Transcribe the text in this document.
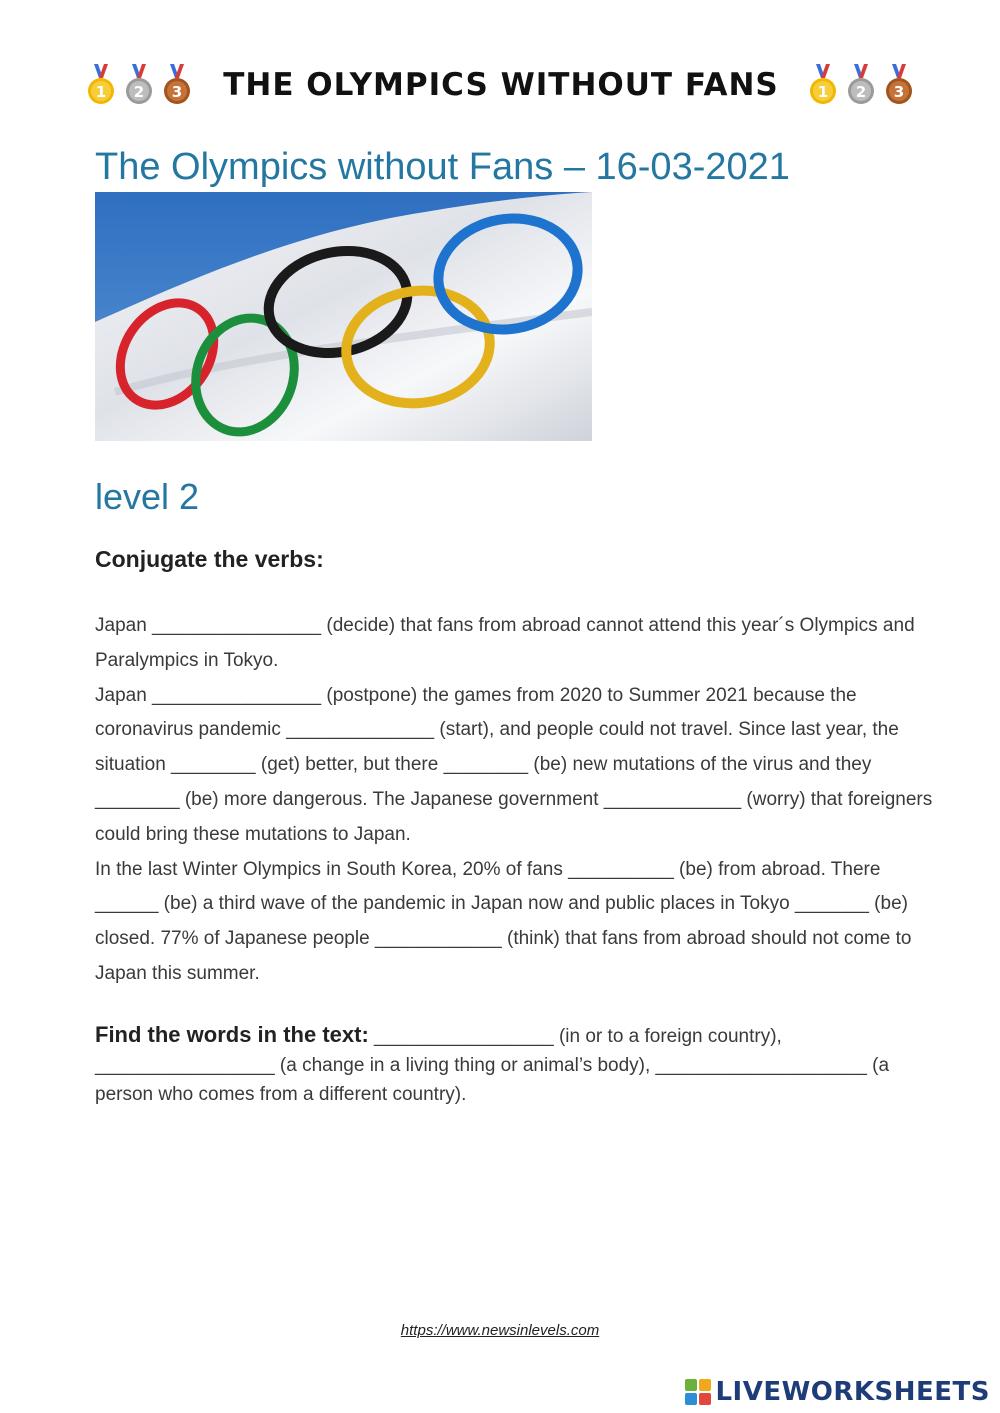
1 2 3 THE OLYMPICS WITHOUT FANS	1 2 3
The Olympics without Fans – 16-03-2021
level 2
Conjugate the verbs:

Japan ________________ (decide) that fans from abroad cannot attend this year´s Olympics and Paralympics in Tokyo.

Japan ________________ (postpone) the games from 2020 to Summer 2021 because the coronavirus pandemic ______________ (start), and people could not travel. Since last year, the situation ________ (get) better, but there ________ (be) new mutations of the virus and they ________ (be) more dangerous. The Japanese government _____________ (worry) that foreigners could bring these mutations to Japan.

In the last Winter Olympics in South Korea, 20% of fans __________ (be) from abroad. There ______ (be) a third wave of the pandemic in Japan now and public places in Tokyo _______ (be) closed. 77% of Japanese people ____________ (think) that fans from abroad should not come to Japan this summer.

Find the words in the text: _________________ (in or to a foreign country), _________________ (a change in a living thing or animal’s body), ____________________ (a person who comes from a different country).
https://www.newsinlevels.com
LIVEWORKSHEETS
